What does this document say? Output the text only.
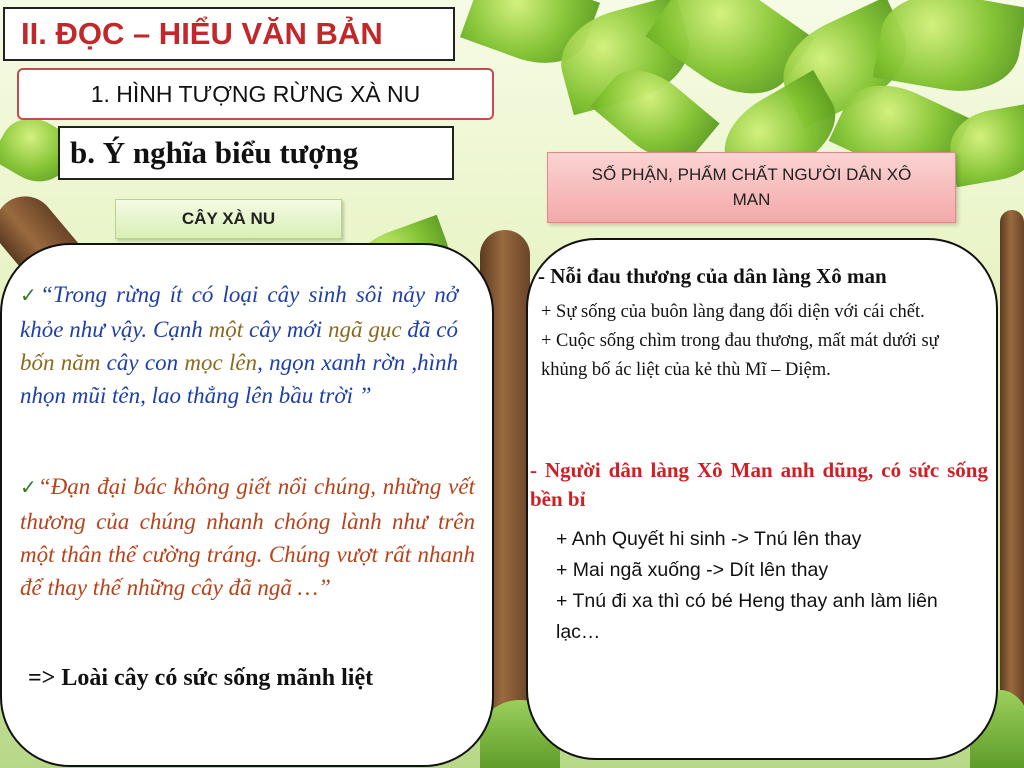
II. ĐỌC – HIỂU VĂN BẢN
1. HÌNH TƯỢNG RỪNG XÀ NU
b. Ý nghĩa biểu tượng
CÂY XÀ NU
SỐ PHẬN, PHẨM CHẤT NGƯỜI DÂN XÔ MAN
✓“Trong rừng ít có loại cây sinh sôi nảy nở khỏe như vậy. Cạnh một cây mới ngã gục đã có bốn năm cây con mọc lên, ngọn xanh rờn ,hình nhọn mũi tên, lao thẳng lên bầu trời ”
✓“Đạn đại bác không giết nổi chúng, những vết thương của chúng nhanh chóng lành như trên một thân thể cường tráng. Chúng vượt rất nhanh để thay thế những cây đã ngã …”
=> Loài cây có sức sống mãnh liệt
- Nỗi đau thương của dân làng Xô man
+ Sự sống của buôn làng đang đối diện với cái chết.
+ Cuộc sống chìm trong đau thương, mất mát dưới sự khủng bố ác liệt của kẻ thù Mĩ – Diệm.
- Người dân làng Xô Man anh dũng, có sức sống bền bỉ
+ Anh Quyết hi sinh -> Tnú lên thay
+ Mai ngã xuống -> Dít lên thay
+ Tnú đi xa thì có bé Heng thay anh làm liên lạc…
